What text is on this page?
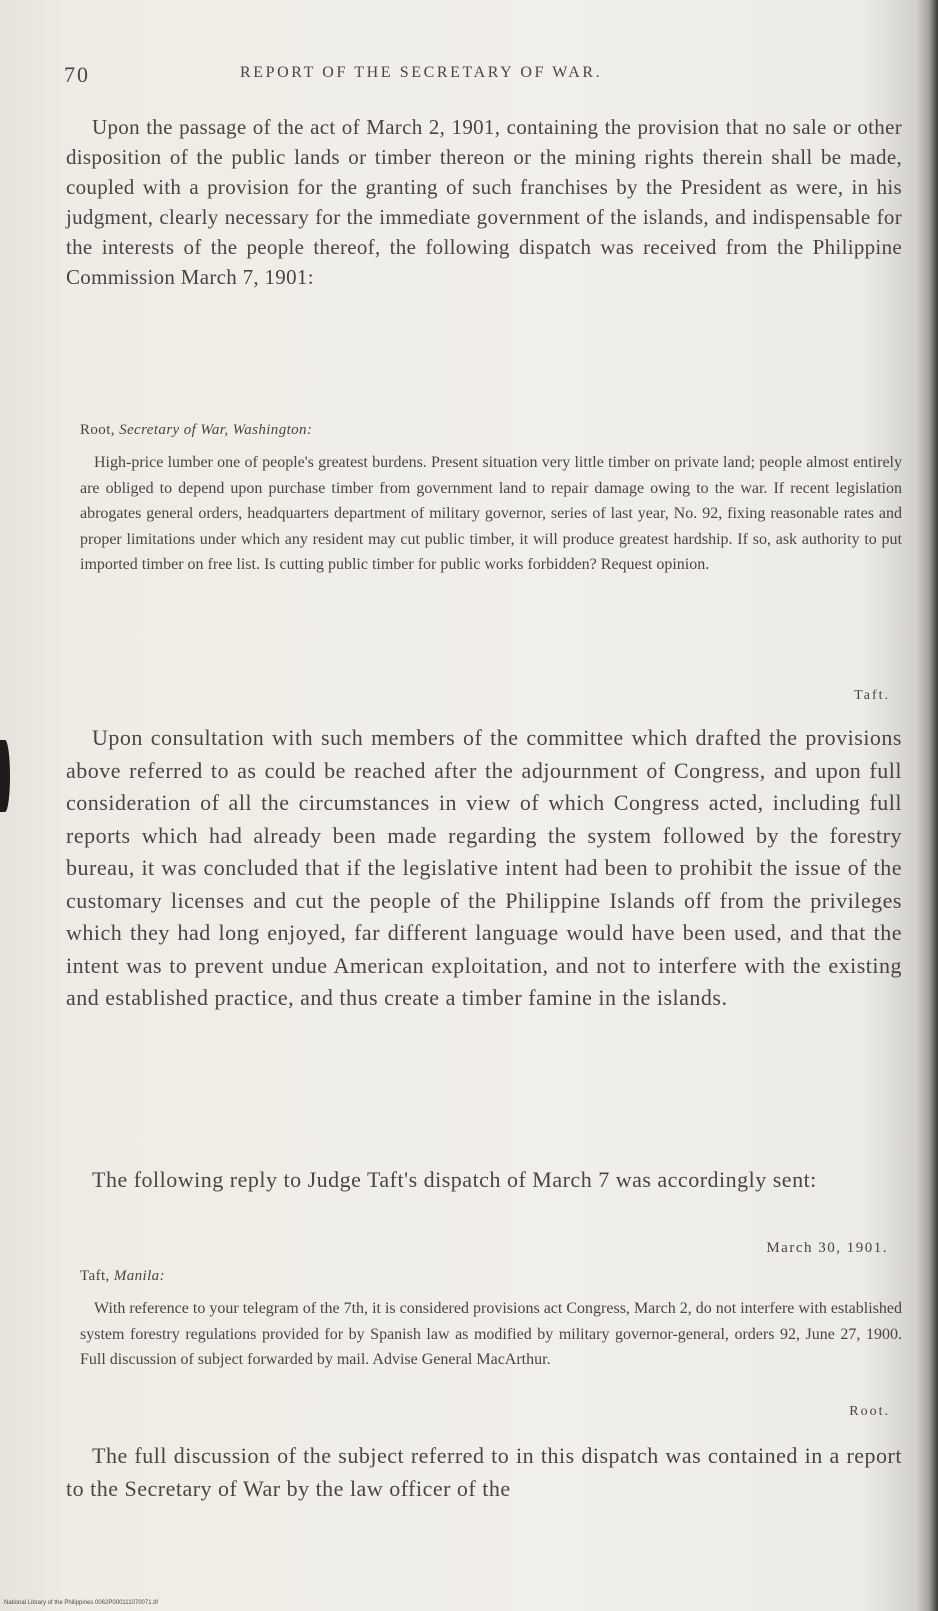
70	REPORT OF THE SECRETARY OF WAR.

Upon the passage of the act of March 2, 1901, containing the provision that no sale or other disposition of the public lands or timber thereon or the mining rights therein shall be made, coupled with a provision for the granting of such franchises by the President as were, in his judgment, clearly necessary for the immediate government of the islands, and indispensable for the interests of the people thereof, the following dispatch was received from the Philippine Commission March 7, 1901:

Root, Secretary of War, Washington:

High-price lumber one of people's greatest burdens. Present situation very little timber on private land; people almost entirely are obliged to depend upon purchase timber from government land to repair damage owing to the war. If recent legislation abrogates general orders, headquarters department of military governor, series of last year, No. 92, fixing reasonable rates and proper limitations under which any resident may cut public timber, it will produce greatest hardship. If so, ask authority to put imported timber on free list. Is cutting public timber for public works forbidden? Request opinion.

Taft.

Upon consultation with such members of the committee which drafted the provisions above referred to as could be reached after the adjournment of Congress, and upon full consideration of all the circumstances in view of which Congress acted, including full reports which had already been made regarding the system followed by the forestry bureau, it was concluded that if the legislative intent had been to prohibit the issue of the customary licenses and cut the people of the Philippine Islands off from the privileges which they had long enjoyed, far different language would have been used, and that the intent was to prevent undue American exploitation, and not to interfere with the existing and established practice, and thus create a timber famine in the islands.

The following reply to Judge Taft's dispatch of March 7 was accordingly sent:

March 30, 1901.
Taft, Manila:

With reference to your telegram of the 7th, it is considered provisions act Congress, March 2, do not interfere with established system forestry regulations provided for by Spanish law as modified by military governor-general, orders 92, June 27, 1900. Full discussion of subject forwarded by mail. Advise General MacArthur.

Root.

The full discussion of the subject referred to in this dispatch was contained in a report to the Secretary of War by the law officer of the

National Library of the Philippines 0062P000111070071.tif
